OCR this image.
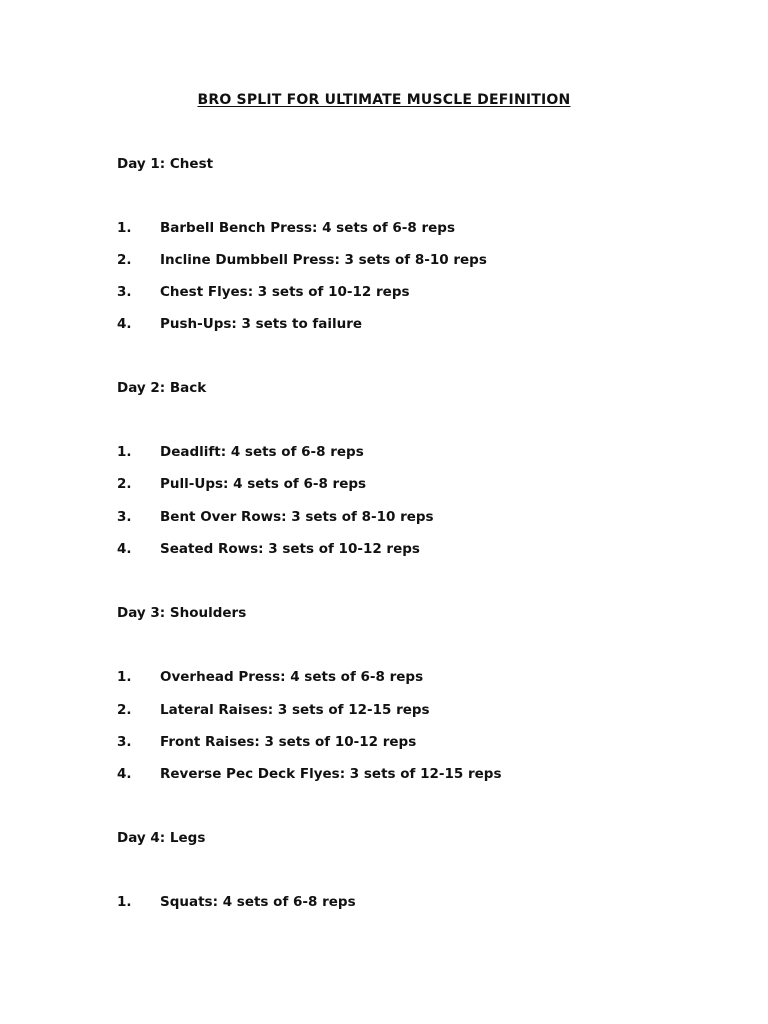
BRO SPLIT FOR ULTIMATE MUSCLE DEFINITION
Day 1: Chest
1. Barbell Bench Press: 4 sets of 6-8 reps
2. Incline Dumbbell Press: 3 sets of 8-10 reps
3. Chest Flyes: 3 sets of 10-12 reps
4. Push-Ups: 3 sets to failure
Day 2: Back
1. Deadlift: 4 sets of 6-8 reps
2. Pull-Ups: 4 sets of 6-8 reps
3. Bent Over Rows: 3 sets of 8-10 reps
4. Seated Rows: 3 sets of 10-12 reps
Day 3: Shoulders
1. Overhead Press: 4 sets of 6-8 reps
2. Lateral Raises: 3 sets of 12-15 reps
3. Front Raises: 3 sets of 10-12 reps
4. Reverse Pec Deck Flyes: 3 sets of 12-15 reps
Day 4: Legs
1. Squats: 4 sets of 6-8 reps
